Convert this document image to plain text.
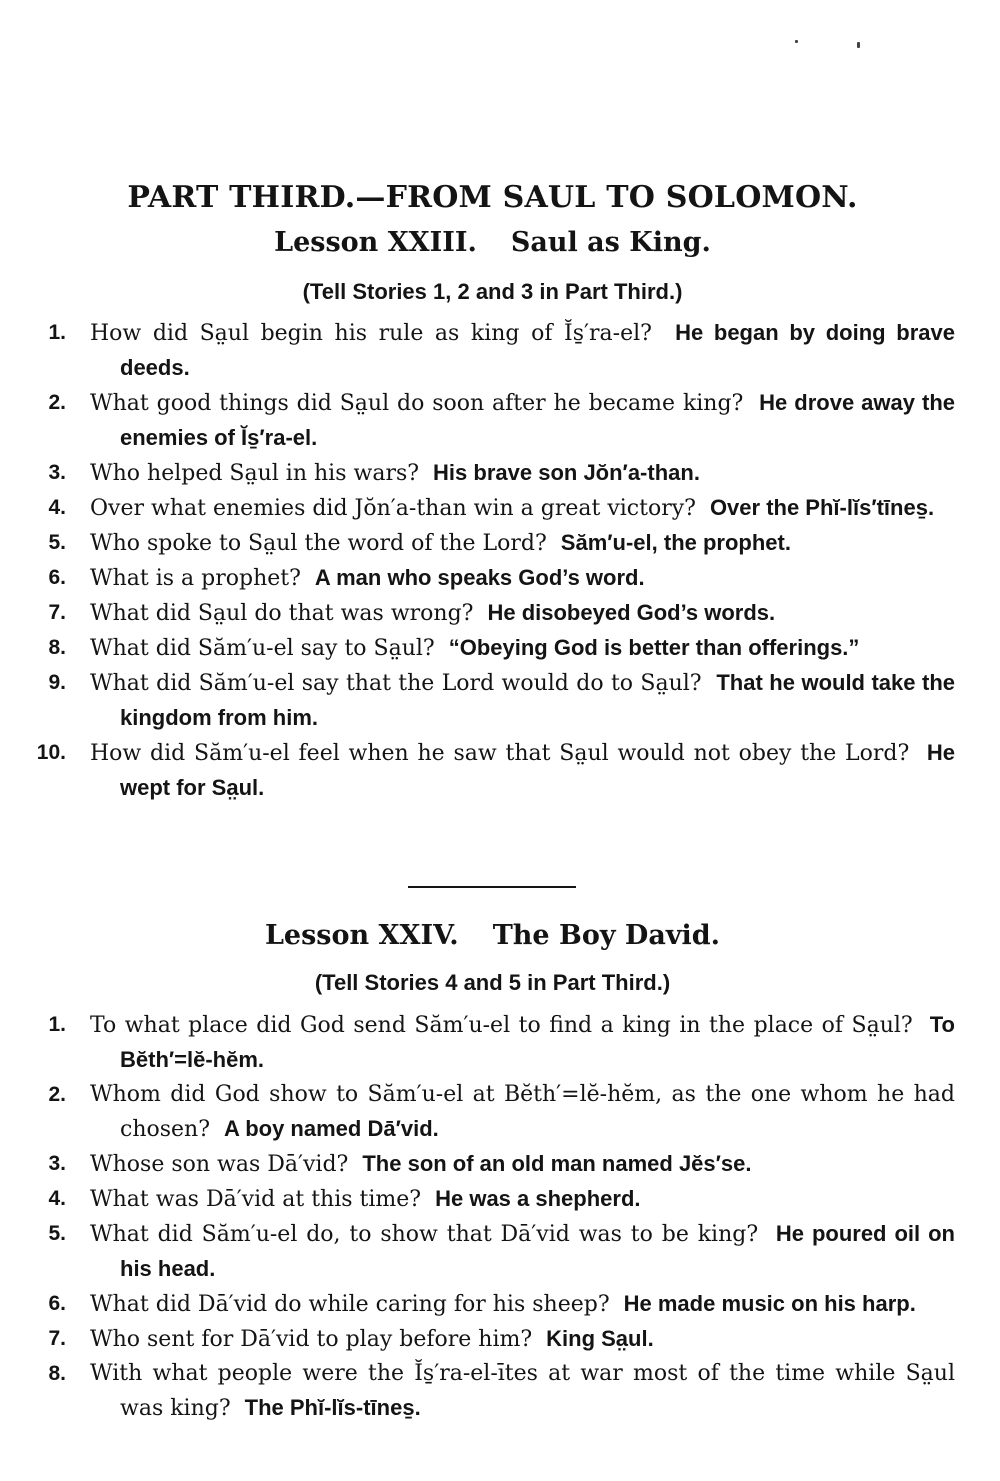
PART THIRD.—FROM SAUL TO SOLOMON.
Lesson XXIII. Saul as King.
(Tell Stories 1, 2 and 3 in Part Third.)
1. How did Sa̤ul begin his rule as king of Ĭs̱′ra-el? He began by doing brave deeds.
2. What good things did Sa̤ul do soon after he became king? He drove away the enemies of Ĭs̱′ra-el.
3. Who helped Sa̤ul in his wars? His brave son Jŏn′a-than.
4. Over what enemies did Jŏn′a-than win a great victory? Over the Phĭ-lĭs′tīnes̱.
5. Who spoke to Sa̤ul the word of the Lord? Săm′u-el, the prophet.
6. What is a prophet? A man who speaks God’s word.
7. What did Sa̤ul do that was wrong? He disobeyed God’s words.
8. What did Săm′u-el say to Sa̤ul? “Obeying God is better than offerings.”
9. What did Săm′u-el say that the Lord would do to Sa̤ul? That he would take the kingdom from him.
10. How did Săm′u-el feel when he saw that Sa̤ul would not obey the Lord? He wept for Sa̤ul.
Lesson XXIV. The Boy David.
(Tell Stories 4 and 5 in Part Third.)
1. To what place did God send Săm′u-el to find a king in the place of Sa̤ul? To Bĕth′=lĕ-hĕm.
2. Whom did God show to Săm′u-el at Bĕth′=lĕ-hĕm, as the one whom he had chosen? A boy named Dā′vid.
3. Whose son was Dā′vid? The son of an old man named Jĕs′se.
4. What was Dā′vid at this time? He was a shepherd.
5. What did Săm′u-el do, to show that Dā′vid was to be king? He poured oil on his head.
6. What did Dā′vid do while caring for his sheep? He made music on his harp.
7. Who sent for Dā′vid to play before him? King Sa̤ul.
8. With what people were the Ĭs̱′ra-el-ītes at war most of the time while Sa̤ul was king? The Phĭ-lĭs-tīnes̱.
